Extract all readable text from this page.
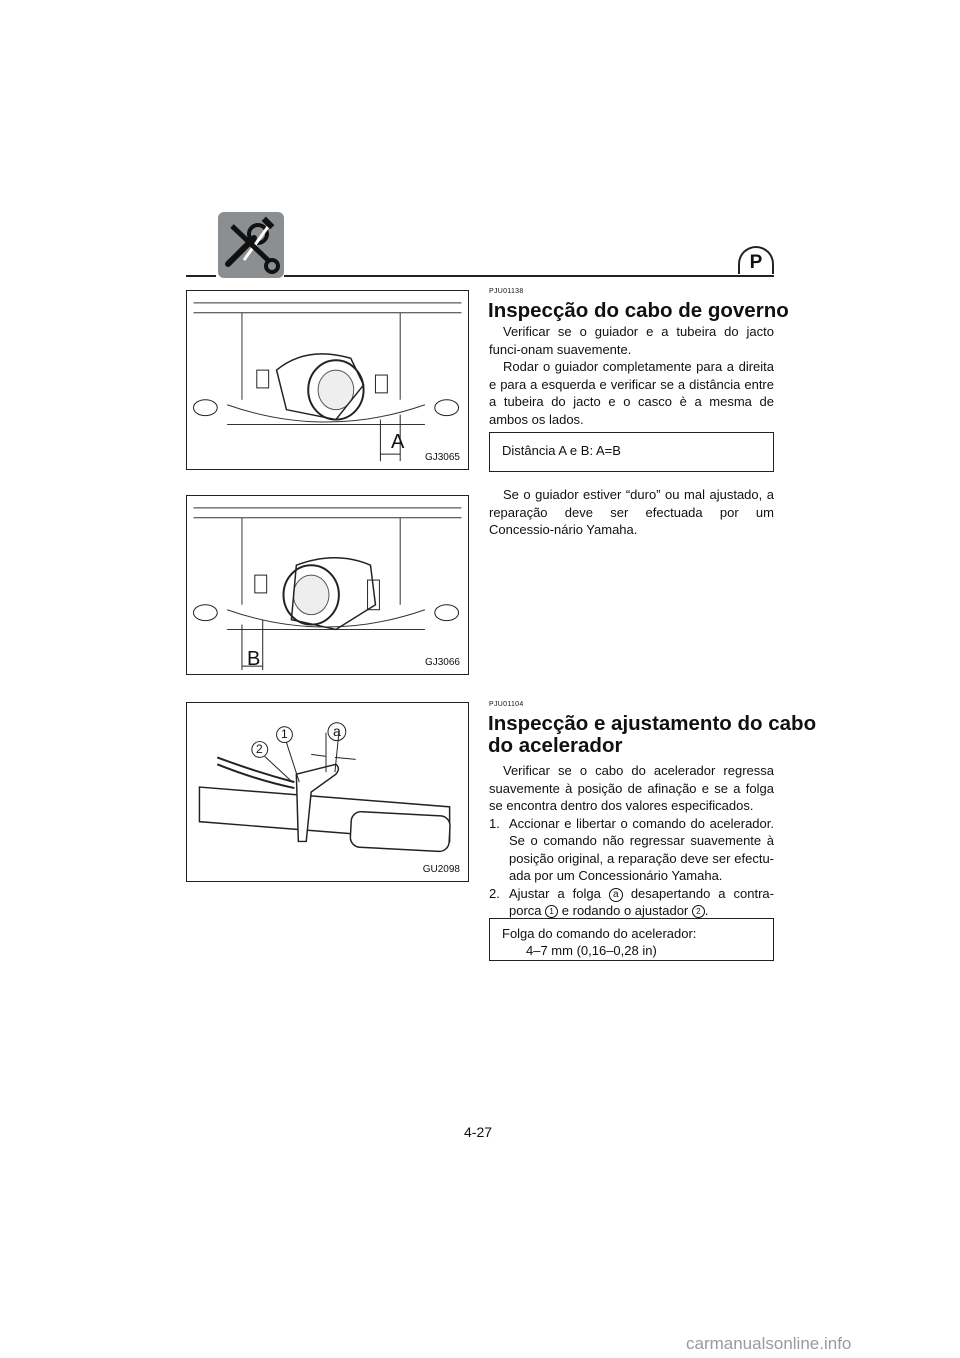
P
A
GJ3065
B	GJ3066
1
2
a
GU2098
PJU01138
Inspecção do cabo de governo

Verificar se o guiador e a tubeira do jacto funci-onam suavemente.

Rodar o guiador completamente para a direita e para a esquerda e verificar se a distância entre a tubeira do jacto e o casco è a mesma de ambos os lados.

Distância A e B: A=B

Se o guiador estiver “duro” ou mal ajustado, a reparação deve ser efectuada por um Concessio-nário Yamaha.

PJU01104
Inspecção e ajustamento do cabo
do acelerador

Verificar se o cabo do acelerador regressa suavemente à posição de afinação e se a folga se encontra dentro dos valores especificados.

1. Accionar e libertar o comando do acelerador. Se o comando não regressar suavemente à posição original, a reparação deve ser efectu-ada por um Concessionário Yamaha.
2. Ajustar a folga a desapertando a contra-porca 1 e rodando o ajustador 2 .
Folga do comando do acelerador:
4–7 mm (0,16–0,28 in)
4-27
carmanualsonline.info
